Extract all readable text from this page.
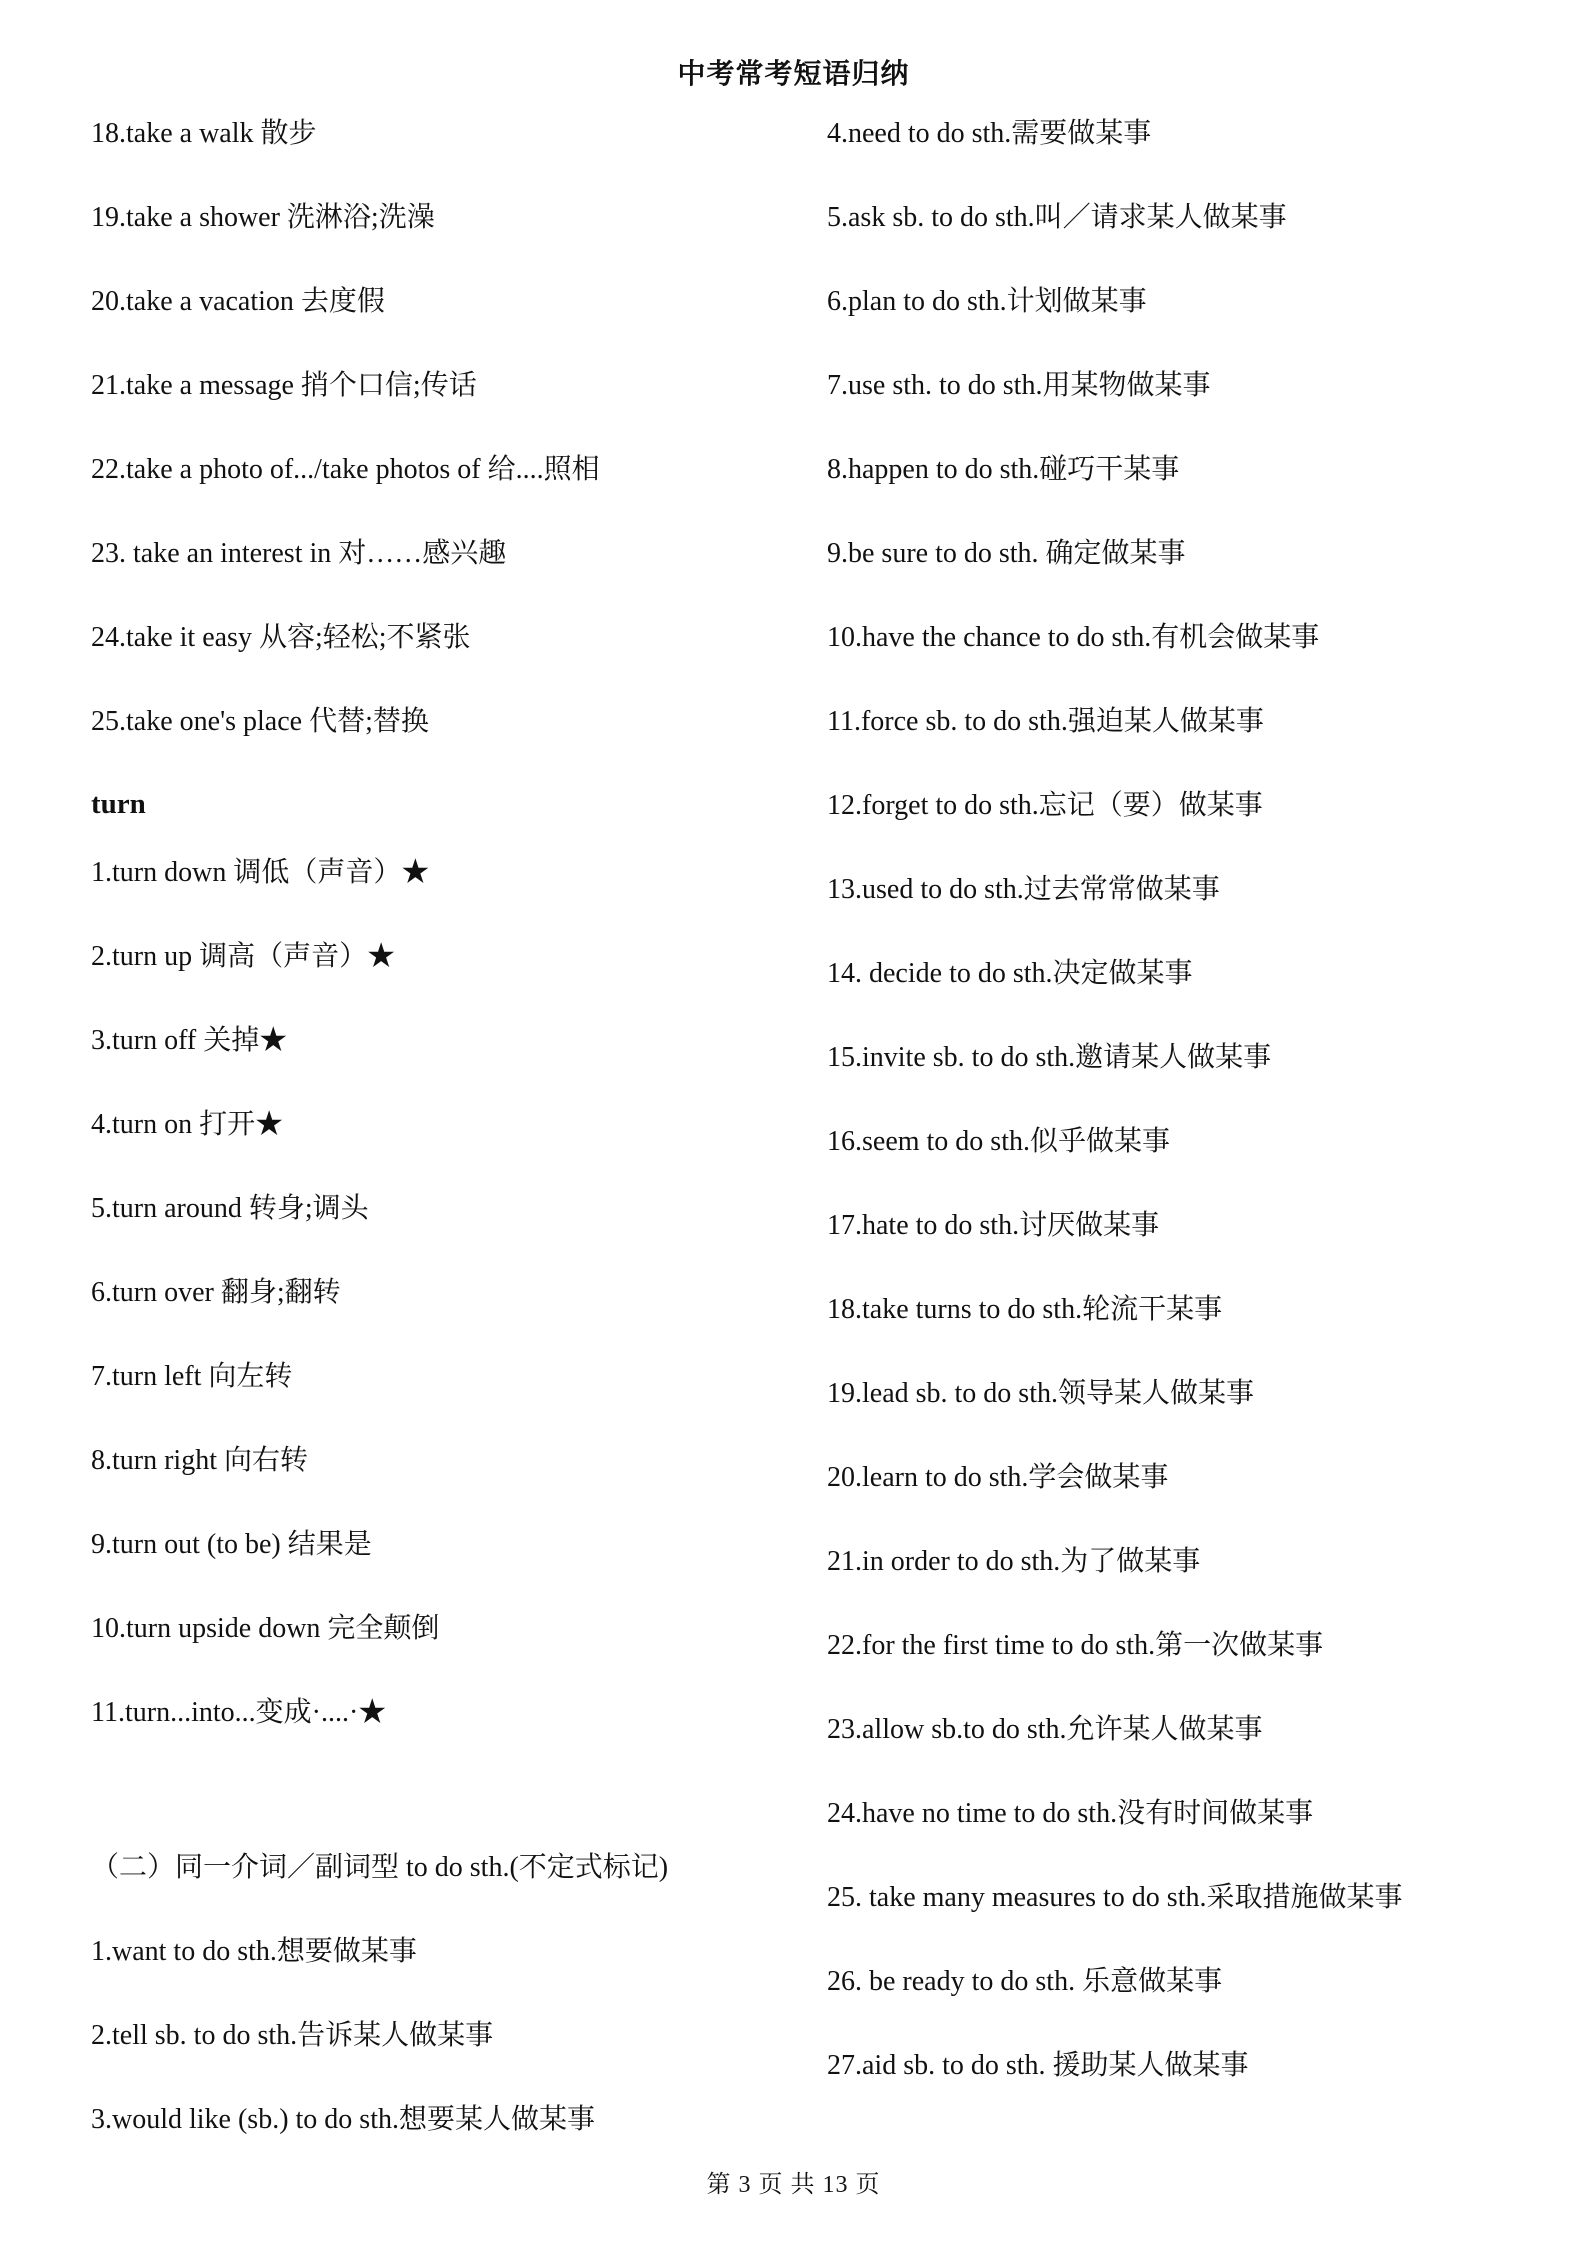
中考常考短语归纳
18.take a walk 散步
19.take a shower 洗淋浴;洗澡
20.take a vacation 去度假
21.take a message 捎个口信;传话
22.take a photo of.../take photos of 给....照相
23. take an interest in 对……感兴趣
24.take it easy 从容;轻松;不紧张
25.take one's place 代替;替换
turn
1.turn down 调低（声音）★
2.turn up 调高（声音）★
3.turn off 关掉★
4.turn on 打开★
5.turn around 转身;调头
6.turn over 翻身;翻转
7.turn left 向左转
8.turn right 向右转
9.turn out (to be) 结果是
10.turn upside down 完全颠倒
11.turn...into...变成·....·★
（二）同一介词／副词型 to do sth.(不定式标记)
1.want to do sth.想要做某事
2.tell sb. to do sth.告诉某人做某事
3.would like (sb.) to do sth.想要某人做某事
4.need to do sth.需要做某事
5.ask sb. to do sth.叫／请求某人做某事
6.plan to do sth.计划做某事
7.use sth. to do sth.用某物做某事
8.happen to do sth.碰巧干某事
9.be sure to do sth. 确定做某事
10.have the chance to do sth.有机会做某事
11.force sb. to do sth.强迫某人做某事
12.forget to do sth.忘记（要）做某事
13.used to do sth.过去常常做某事
14. decide to do sth.决定做某事
15.invite sb. to do sth.邀请某人做某事
16.seem to do sth.似乎做某事
17.hate to do sth.讨厌做某事
18.take turns to do sth.轮流干某事
19.lead sb. to do sth.领导某人做某事
20.learn to do sth.学会做某事
21.in order to do sth.为了做某事
22.for the first time to do sth.第一次做某事
23.allow sb.to do sth.允许某人做某事
24.have no time to do sth.没有时间做某事
25. take many measures to do sth.采取措施做某事
26. be ready to do sth. 乐意做某事
27.aid sb. to do sth. 援助某人做某事
第 3 页 共 13 页
